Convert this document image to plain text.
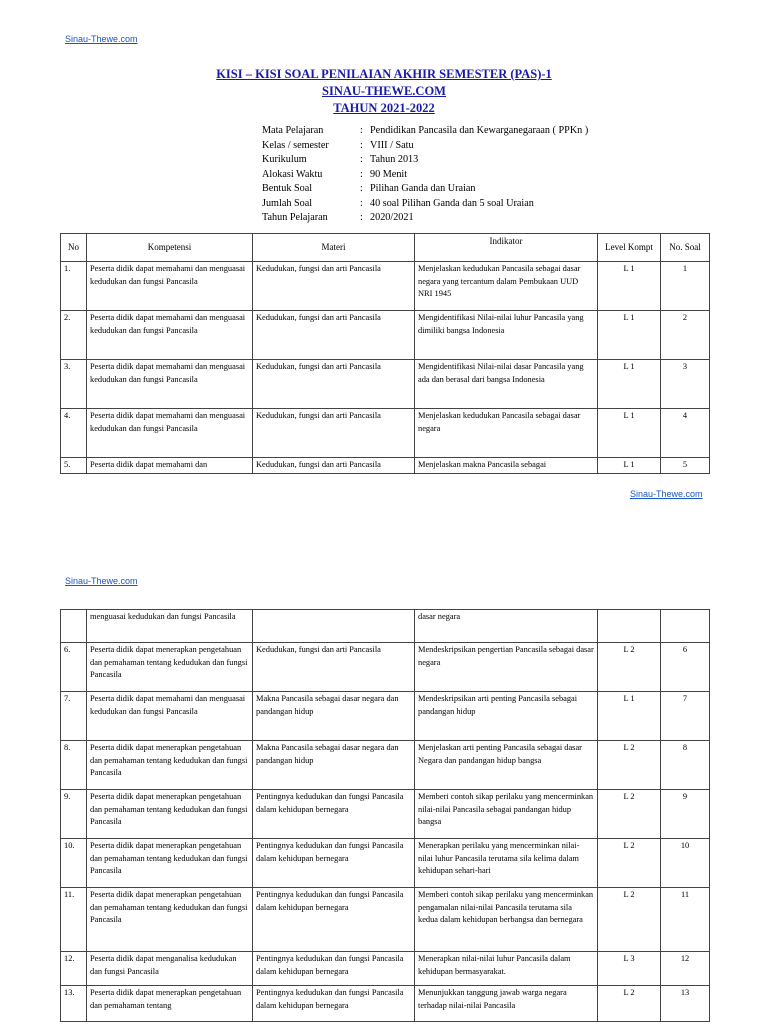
Sinau-Thewe.com
KISI – KISI SOAL PENILAIAN AKHIR SEMESTER (PAS)-1
SINAU-THEWE.COM
TAHUN 2021-2022
Mata Pelajaran	: Pendidikan Pancasila dan Kewarganegaraan ( PPKn )
Kelas / semester	: VIII / Satu
Kurikulum	: Tahun 2013
Alokasi Waktu	: 90 Menit
Bentuk Soal	: Pilihan Ganda dan Uraian
Jumlah Soal	: 40 soal Pilihan Ganda dan 5 soal Uraian
Tahun Pelajaran	: 2020/2021
No	Kompetensi	Materi	Indikator	Level Kompt	No. Soal
1.	Peserta didik dapat memahami dan menguasai kedudukan dan fungsi Pancasila	Kedudukan, fungsi dan arti Pancasila	Menjelaskan kedudukan Pancasila sebagai dasar negara yang tercantum dalam Pembukaan UUD NRI 1945	L 1	1
2.	Peserta didik dapat memahami dan menguasai kedudukan dan fungsi Pancasila	Kedudukan, fungsi dan arti Pancasila	Mengidentifikasi Nilai-nilai luhur Pancasila yang dimiliki bangsa Indonesia	L 1	2
3.	Peserta didik dapat memahami dan menguasai kedudukan dan fungsi Pancasila	Kedudukan, fungsi dan arti Pancasila	Mengidentifikasi Nilai-nilai dasar Pancasila yang ada dan berasal dari bangsa Indonesia	L 1	3
4.	Peserta didik dapat memahami dan menguasai kedudukan dan fungsi Pancasila	Kedudukan, fungsi dan arti Pancasila	Menjelaskan kedudukan Pancasila sebagai dasar negara	L 1	4
5.	Peserta didik dapat memahami dan	Kedudukan, fungsi dan arti Pancasila	Menjelaskan makna Pancasila sebagai	L 1	5
Sinau-Thewe.com
Sinau-Thewe.com
	menguasai kedudukan dan fungsi Pancasila		dasar negara		
6.	Peserta didik dapat menerapkan pengetahuan dan pemahaman tentang kedudukan dan fungsi Pancasila	Kedudukan, fungsi dan arti Pancasila	Mendeskripsikan pengertian Pancasila sebagai dasar negara	L 2	6
7.	Peserta didik dapat memahami dan menguasai kedudukan dan fungsi Pancasila	Makna Pancasila sebagai dasar negara dan pandangan hidup	Mendeskripsikan arti penting Pancasila sebagai pandangan hidup	L 1	7
8.	Peserta didik dapat menerapkan pengetahuan dan pemahaman tentang kedudukan dan fungsi Pancasila	Makna Pancasila sebagai dasar negara dan pandangan hidup	Menjelaskan arti penting Pancasila sebagai dasar Negara dan pandangan hidup bangsa	L 2	8
9.	Peserta didik dapat menerapkan pengetahuan dan pemahaman tentang kedudukan dan fungsi Pancasila	Pentingnya kedudukan dan fungsi Pancasila dalam kehidupan bernegara	Memberi contoh sikap perilaku yang mencerminkan nilai-nilai Pancasila sebagai pandangan hidup bangsa	L 2	9
10.	Peserta didik dapat menerapkan pengetahuan dan pemahaman tentang kedudukan dan fungsi Pancasila	Pentingnya kedudukan dan fungsi Pancasila dalam kehidupan bernegara	Menerapkan perilaku yang mencerminkan nilai-nilai luhur Pancasila terutama sila kelima dalam kehidupan sehari-hari	L 2	10
11.	Peserta didik dapat menerapkan pengetahuan dan pemahaman tentang kedudukan dan fungsi Pancasila	Pentingnya kedudukan dan fungsi Pancasila dalam kehidupan bernegara	Memberi contoh sikap perilaku yang mencerminkan pengamalan nilai-nilai Pancasila terutama sila kedua dalam kehidupan berbangsa dan bernegara	L 2	11
12.	Peserta didik dapat menganalisa kedudukan dan fungsi Pancasila	Pentingnya kedudukan dan fungsi Pancasila dalam kehidupan bernegara	Menerapkan nilai-nilai luhur Pancasila dalam kehidupan bermasyarakat.	L 3	12
13.	Peserta didik dapat menerapkan pengetahuan dan pemahaman tentang	Pentingnya kedudukan dan fungsi Pancasila dalam kehidupan bernegara	Menunjukkan tanggung jawab warga negara terhadap nilai-nilai Pancasila	L 2	13
